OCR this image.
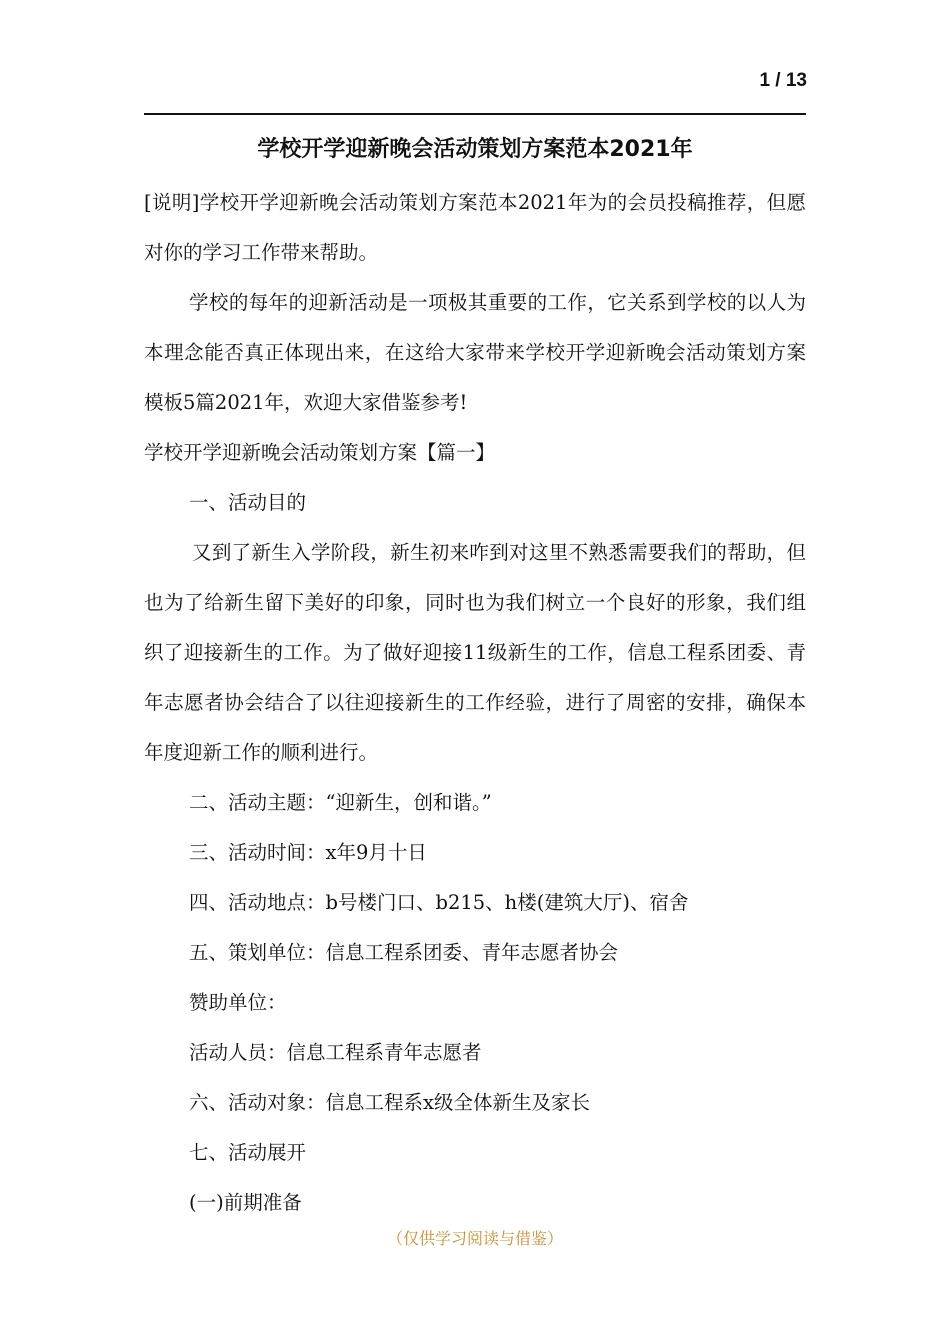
1 / 13
学校开学迎新晚会活动策划方案范本2021年

[说明]学校开学迎新晚会活动策划方案范本2021年为的会员投稿推荐，但愿对你的学习工作带来帮助。

学校的每年的迎新活动是一项极其重要的工作，它关系到学校的以人为本理念能否真正体现出来，在这给大家带来学校开学迎新晚会活动策划方案模板5篇2021年，欢迎大家借鉴参考!

学校开学迎新晚会活动策划方案【篇一】

一、活动目的

又到了新生入学阶段，新生初来咋到对这里不熟悉需要我们的帮助，但也为了给新生留下美好的印象，同时也为我们树立一个良好的形象，我们组织了迎接新生的工作。为了做好迎接11级新生的工作，信息工程系团委、青年志愿者协会结合了以往迎接新生的工作经验，进行了周密的安排，确保本年度迎新工作的顺利进行。

二、活动主题：“迎新生，创和谐。”

三、活动时间：x年9月十日

四、活动地点：b号楼门口、b215、h楼(建筑大厅)、宿舍

五、策划单位：信息工程系团委、青年志愿者协会

赞助单位：

活动人员：信息工程系青年志愿者

六、活动对象：信息工程系x级全体新生及家长

七、活动展开

(一)前期准备

（仅供学习阅读与借鉴）
